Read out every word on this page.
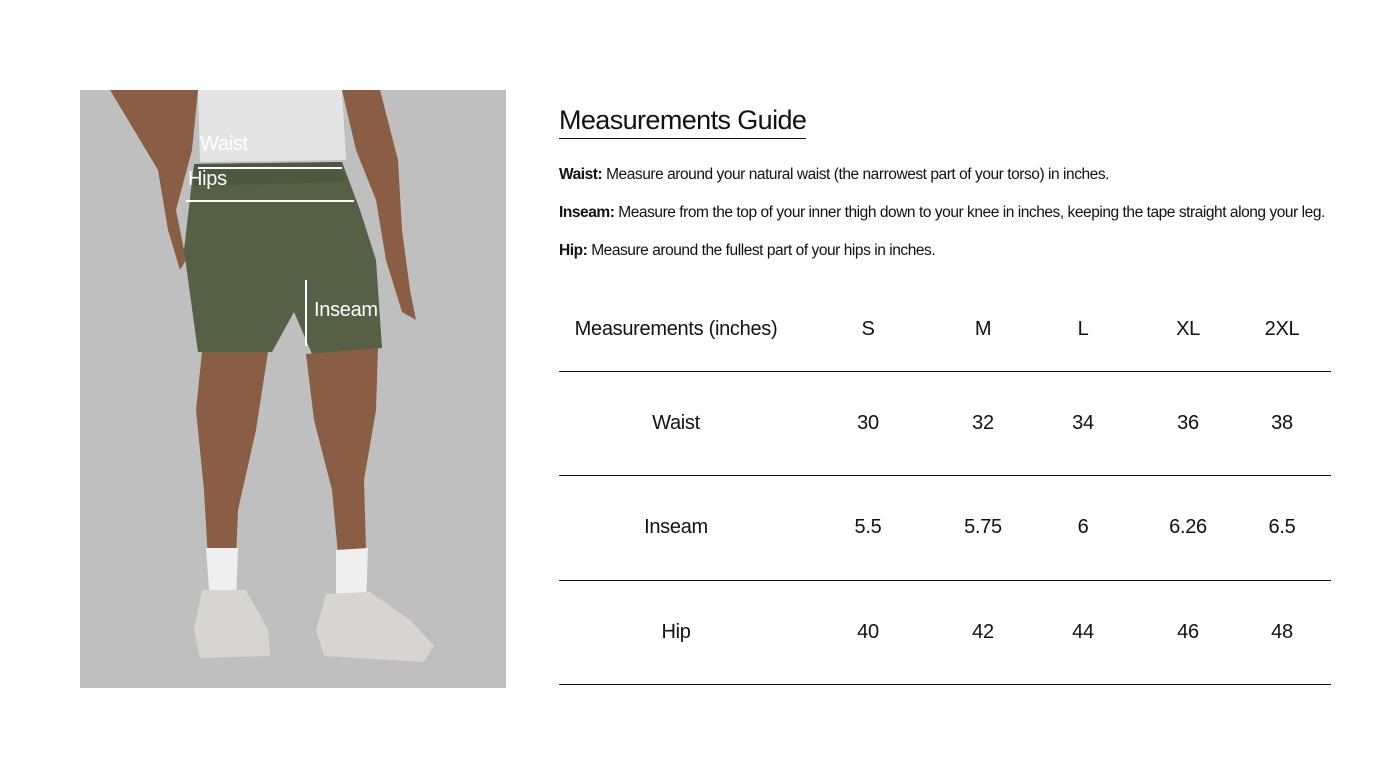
Waist
Hips
Inseam
Measurements Guide

Waist: Measure around your natural waist (the narrowest part of your torso) in inches.

Inseam: Measure from the top of your inner thigh down to your knee in inches, keeping the tape straight along your leg.

Hip: Measure around the fullest part of your hips in inches.

Measurements (inches)	S	M	L	XL	2XL
Waist	30	32	34	36	38
Inseam	5.5	5.75	6	6.26	6.5
Hip	40	42	44	46	48
